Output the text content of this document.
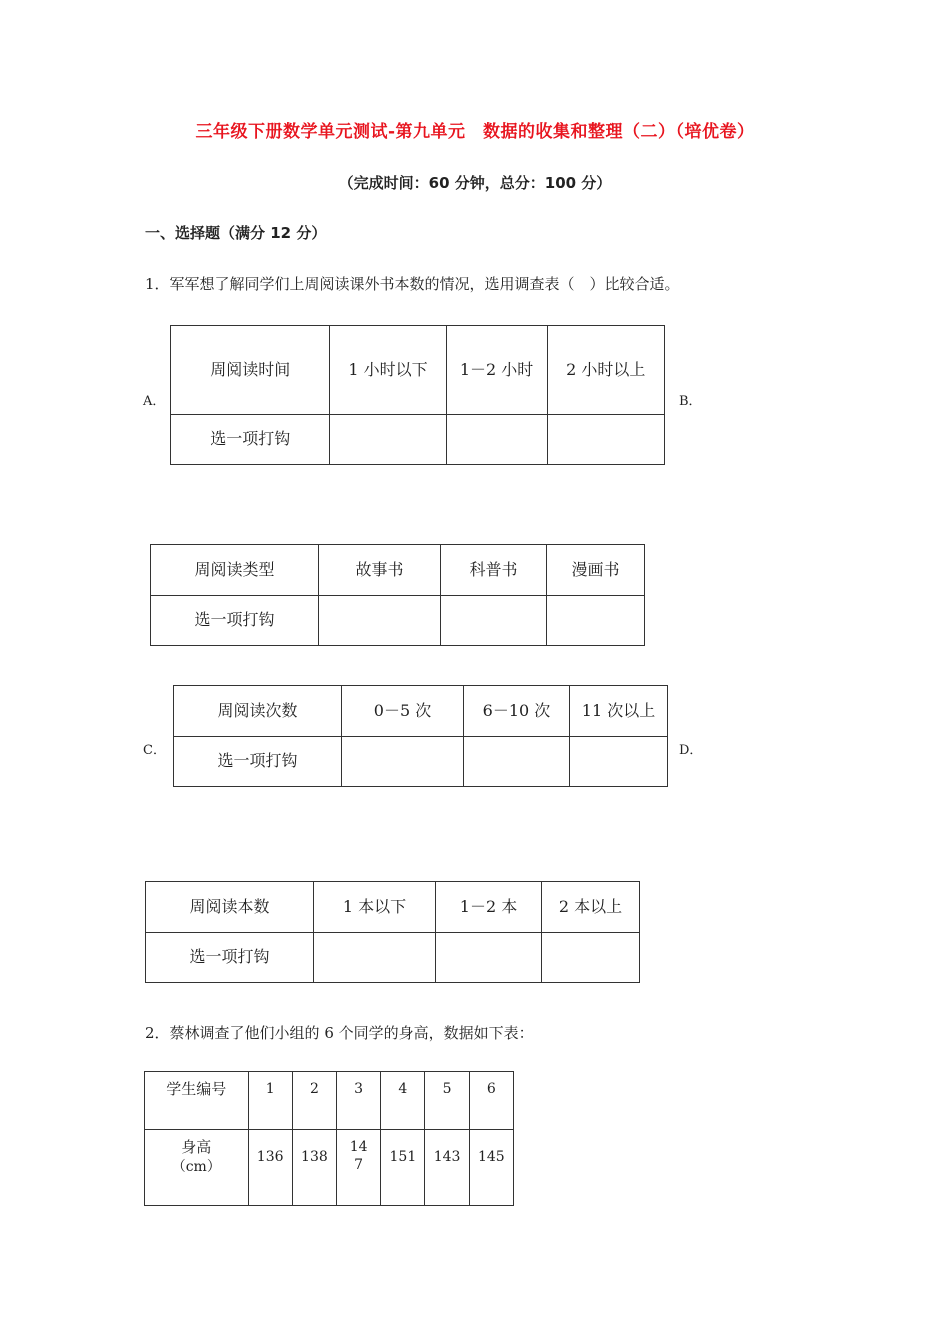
三年级下册数学单元测试-第九单元　数据的收集和整理（二）（培优卷）
（完成时间：60 分钟，总分：100 分）
一、选择题（满分 12 分）
1．军军想了解同学们上周阅读课外书本数的情况，选用调查表（　）比较合适。
A．
周阅读时间	1 小时以下	1－2 小时	2 小时以上
选一项打钩			
B．
周阅读类型	故事书	科普书	漫画书
选一项打钩			
C．
周阅读次数	0－5 次	6－10 次	11 次以上
选一项打钩			
D．
周阅读本数	1 本以下	1－2 本	2 本以上
选一项打钩			
2．蔡林调查了他们小组的 6 个同学的身高，数据如下表：
学生编号	1	2	3	4	5	6

身高
（cm）	136	138	147	151	143	145
